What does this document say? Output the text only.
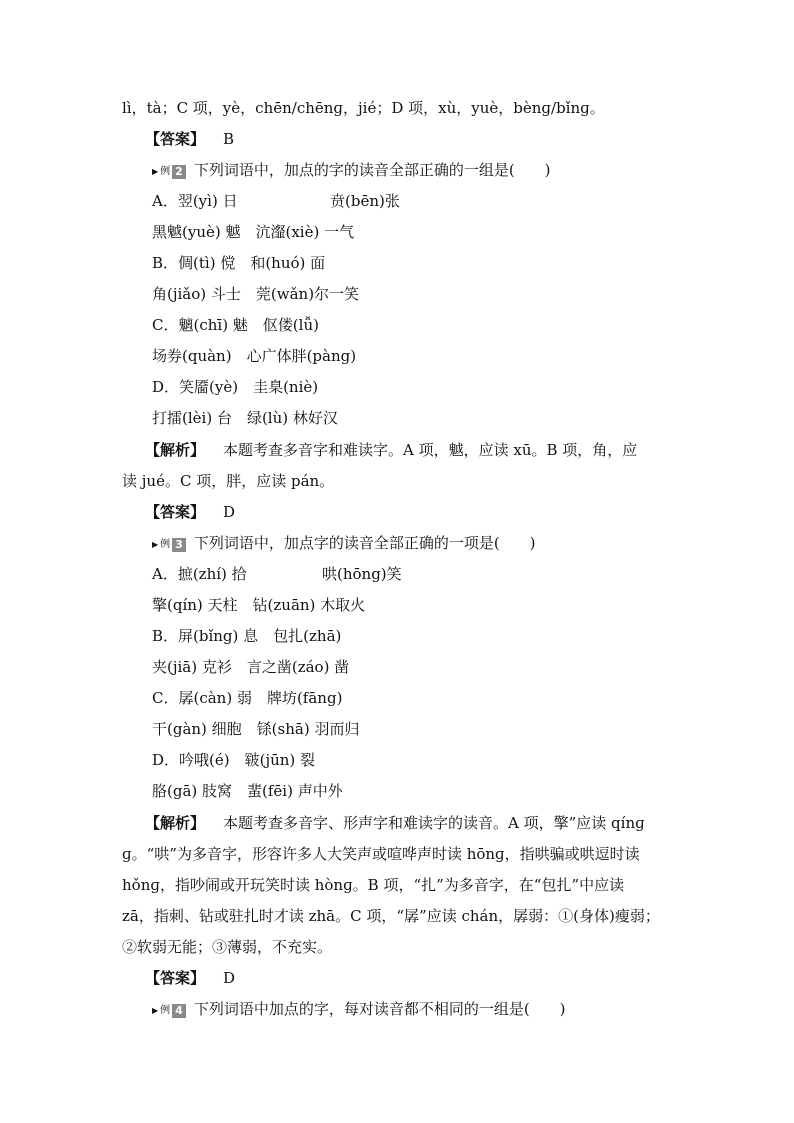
lì，tà；C 项，yè，chēn/chēnɡ，jié；D 项，xù，yuè，bènɡ/bǐnɡ。
【答案】 B
▶ 例 2 下列词语中，加点的字的读音全部正确的一组是(　　)
A．翌(yì) 日	贲(bēn)张
黑魆(yuè) 魆　沆瀣(xiè) 一气
B．倜(tì) 傥　和(huó) 面
角(jiǎo) 斗士　莞(wǎn)尔一笑
C．魑(chī) 魅　伛偻(lǚ)
场券(quàn)　心广体胖(pàng)
D．笑靥(yè)　圭臬(niè)
打擂(lèi) 台　绿(lù) 林好汉
【解析】 本题考查多音字和难读字。A 项，魆，应读 xū。B 项，角，应
读 jué。C 项，胖，应读 pán。
【答案】 D
▶ 例 3 下列词语中，加点字的读音全部正确的一项是(　　)
A．摭(zhí) 拾	哄(hōng)笑
擎(qín) 天柱　钻(zuān) 木取火
B．屏(bǐng) 息　包扎(zhā)
夹(jiā) 克衫　言之凿(záo) 凿
C．孱(càn) 弱　牌坊(fāng)
干(gàn) 细胞　铩(shā) 羽而归
D．吟哦(é)　皲(jūn) 裂
胳(gā) 肢窝　蜚(fēi) 声中外
【解析】 本题考查多音字、形声字和难读字的读音。A 项，擎”应读 qínɡ
ɡ。“哄”为多音字，形容许多人大笑声或喧哗声时读 hōnɡ，指哄骗或哄逗时读
hǒnɡ，指吵闹或开玩笑时读 hònɡ。B 项，“扎”为多音字，在“包扎”中应读
zā，指刺、钻或驻扎时才读 zhā。C 项，“孱”应读 chán，孱弱：①(身体)瘦弱；
②软弱无能；③薄弱，不充实。
【答案】 D
▶ 例 4 下列词语中加点的字，每对读音都不相同的一组是(　　)
